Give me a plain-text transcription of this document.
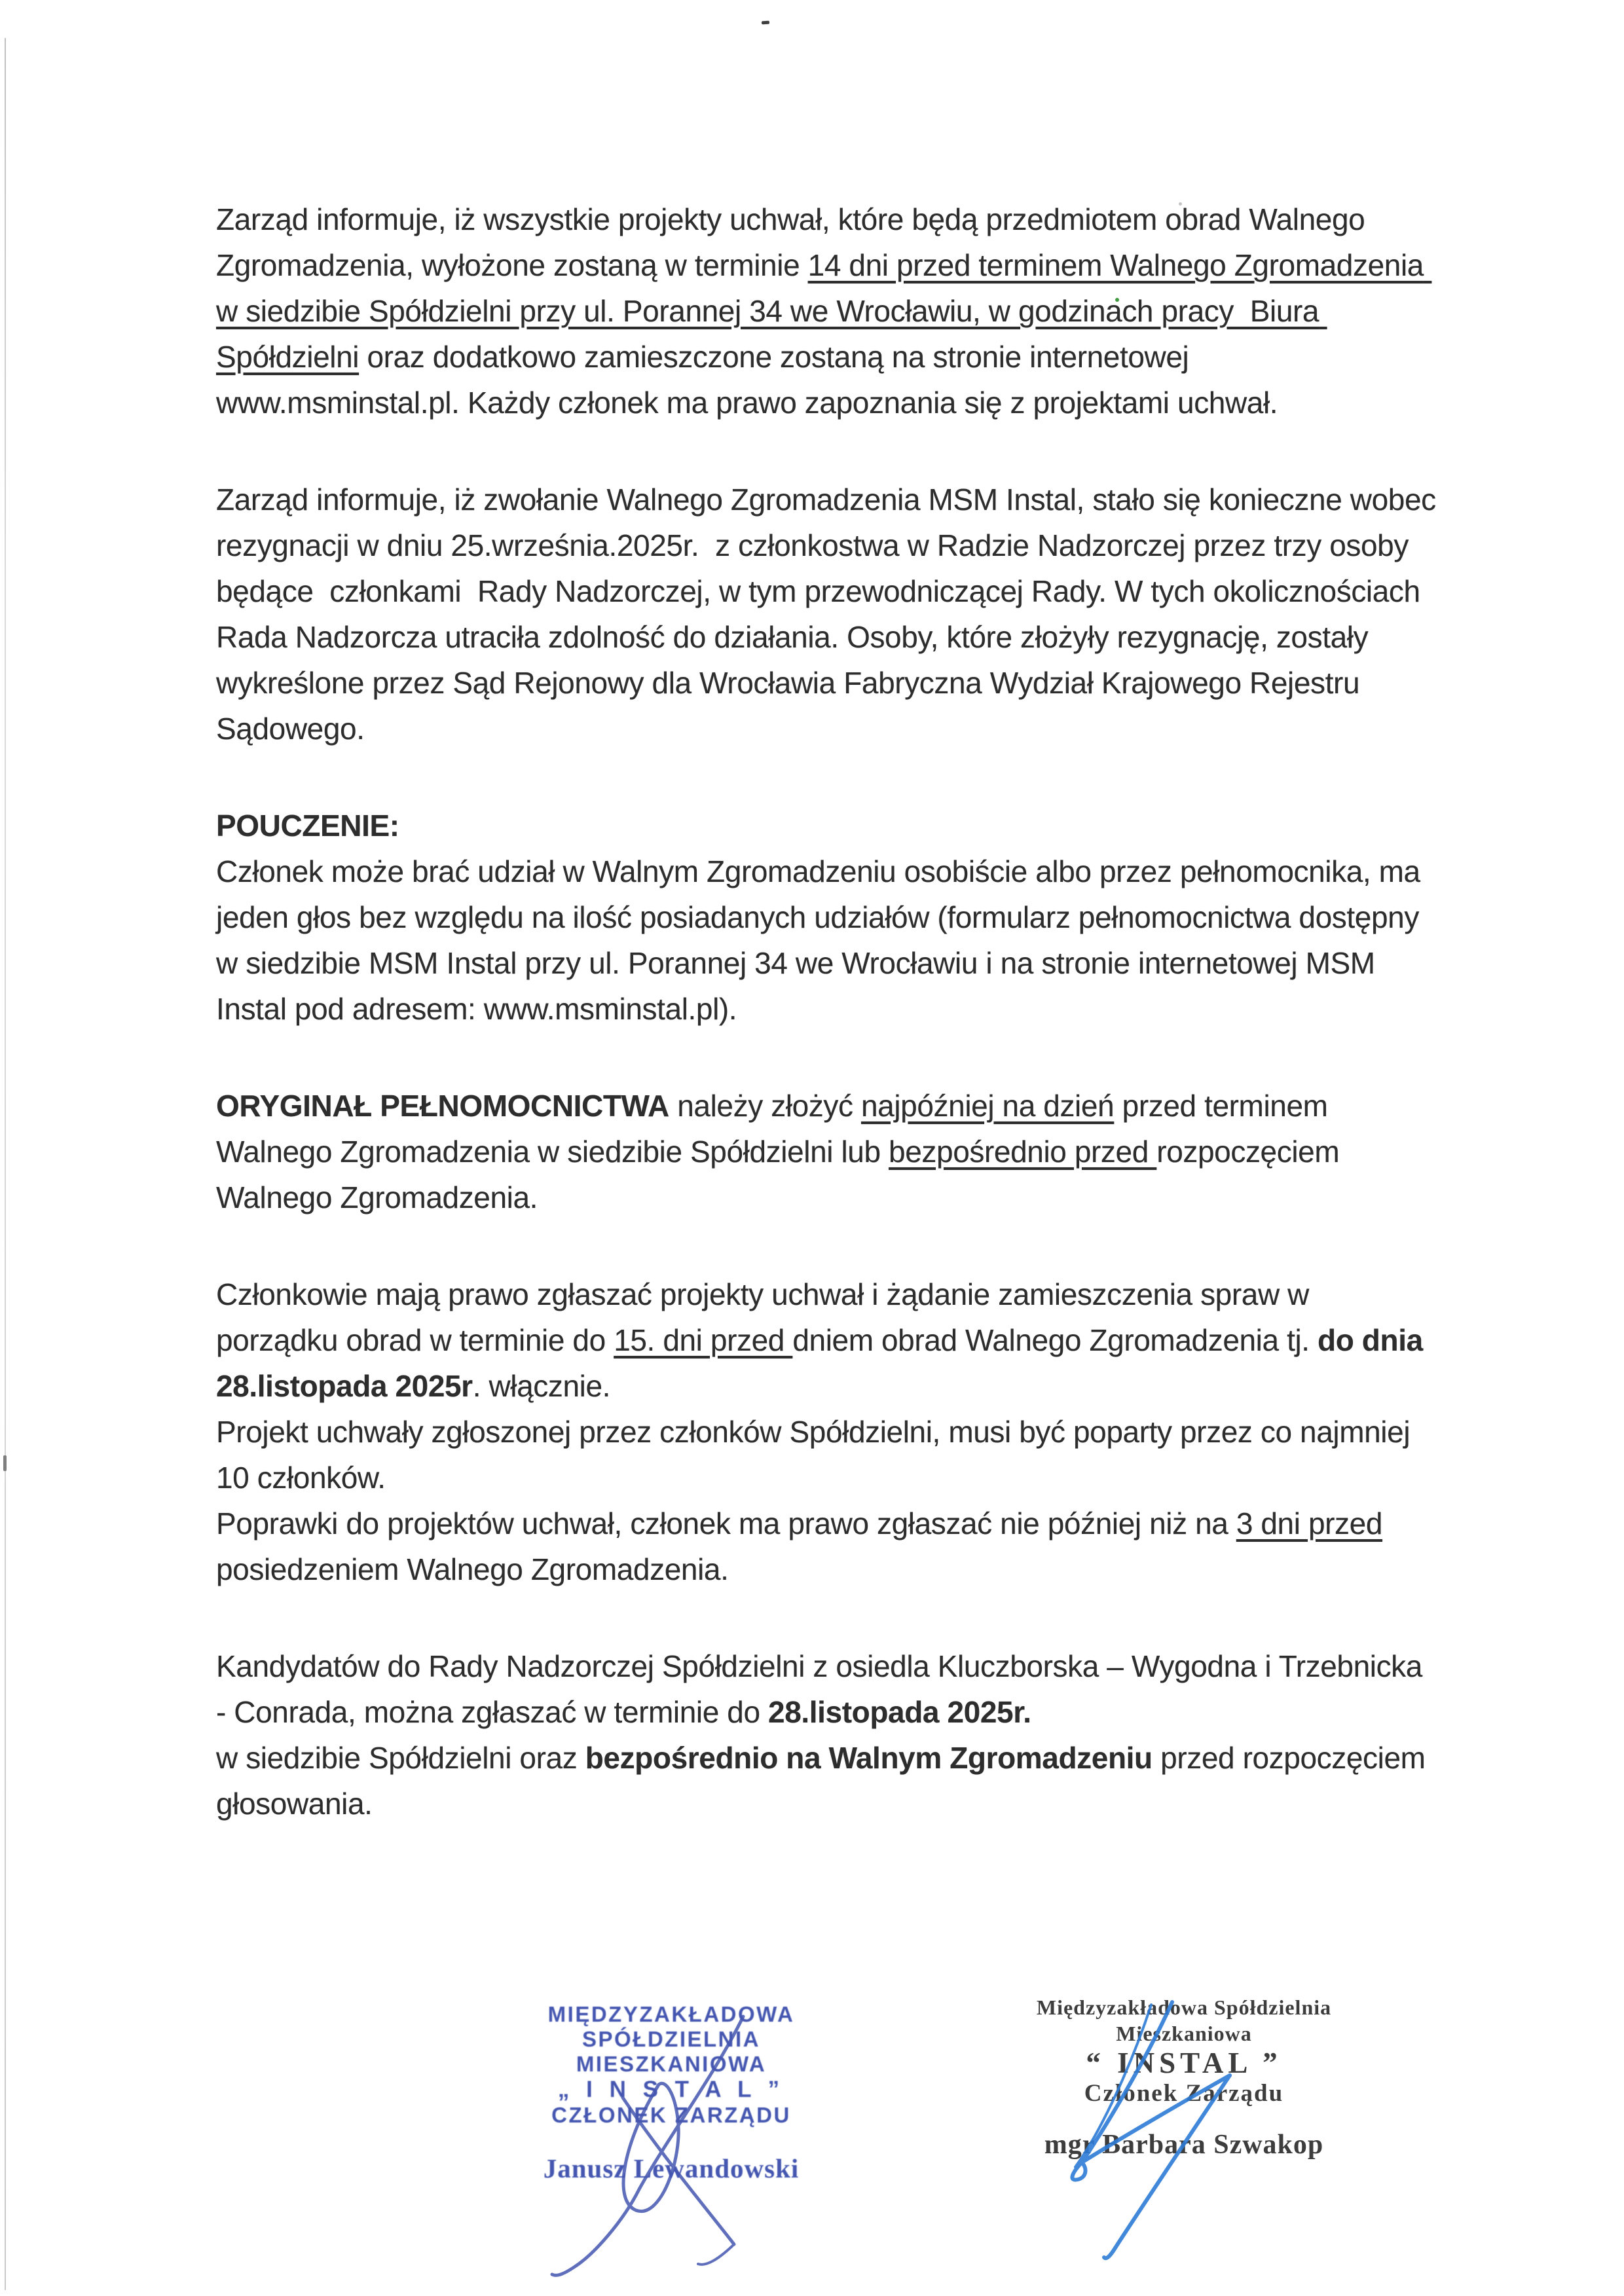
Zarząd informuje, iż wszystkie projekty uchwał, które będą przedmiotem obrad Walnego Zgromadzenia, wyłożone zostaną w terminie 14 dni przed terminem Walnego Zgromadzenia w siedzibie Spółdzielni przy ul. Porannej 34 we Wrocławiu, w godzinach pracy  Biura Spółdzielni oraz dodatkowo zamieszczone zostaną na stronie internetowej www.msminstal.pl. Każdy członek ma prawo zapoznania się z projektami uchwał.

Zarząd informuje, iż zwołanie Walnego Zgromadzenia MSM Instal, stało się konieczne wobec rezygnacji w dniu 25.września.2025r.  z członkostwa w Radzie Nadzorczej przez trzy osoby będące  członkami  Rady Nadzorczej, w tym przewodniczącej Rady. W tych okolicznościach Rada Nadzorcza utraciła zdolność do działania. Osoby, które złożyły rezygnację, zostały wykreślone przez Sąd Rejonowy dla Wrocławia Fabryczna Wydział Krajowego Rejestru Sądowego.

POUCZENIE:

Członek może brać udział w Walnym Zgromadzeniu osobiście albo przez pełnomocnika, ma jeden głos bez względu na ilość posiadanych udziałów (formularz pełnomocnictwa dostępny w siedzibie MSM Instal przy ul. Porannej 34 we Wrocławiu i na stronie internetowej MSM Instal pod adresem: www.msminstal.pl).

ORYGINAŁ PEŁNOMOCNICTWA należy złożyć najpóźniej na dzień przed terminem Walnego Zgromadzenia w siedzibie Spółdzielni lub bezpośrednio przed rozpoczęciem Walnego Zgromadzenia.

Członkowie mają prawo zgłaszać projekty uchwał i żądanie zamieszczenia spraw w porządku obrad w terminie do 15. dni przed dniem obrad Walnego Zgromadzenia tj. do dnia 28.listopada 2025r. włącznie.
Projekt uchwały zgłoszonej przez członków Spółdzielni, musi być poparty przez co najmniej 10 członków.
Poprawki do projektów uchwał, członek ma prawo zgłaszać nie później niż na 3 dni przed posiedzeniem Walnego Zgromadzenia.

Kandydatów do Rady Nadzorczej Spółdzielni z osiedla Kluczborska – Wygodna i Trzebnicka - Conrada, można zgłaszać w terminie do 28.listopada 2025r.
w siedzibie Spółdzielni oraz bezpośrednio na Walnym Zgromadzeniu przed rozpoczęciem głosowania.

MIĘDZYZAKŁADOWA
SPÓŁDZIELNIA MIESZKANIOWA
„ I N S T A L ”
CZŁONEK ZARZĄDU
Janusz Lewandowski
Międzyzakładowa Spółdzielnia Mieszkaniowa
“ INSTAL ”
Członek Zarządu
mgr Barbara Szwakop
